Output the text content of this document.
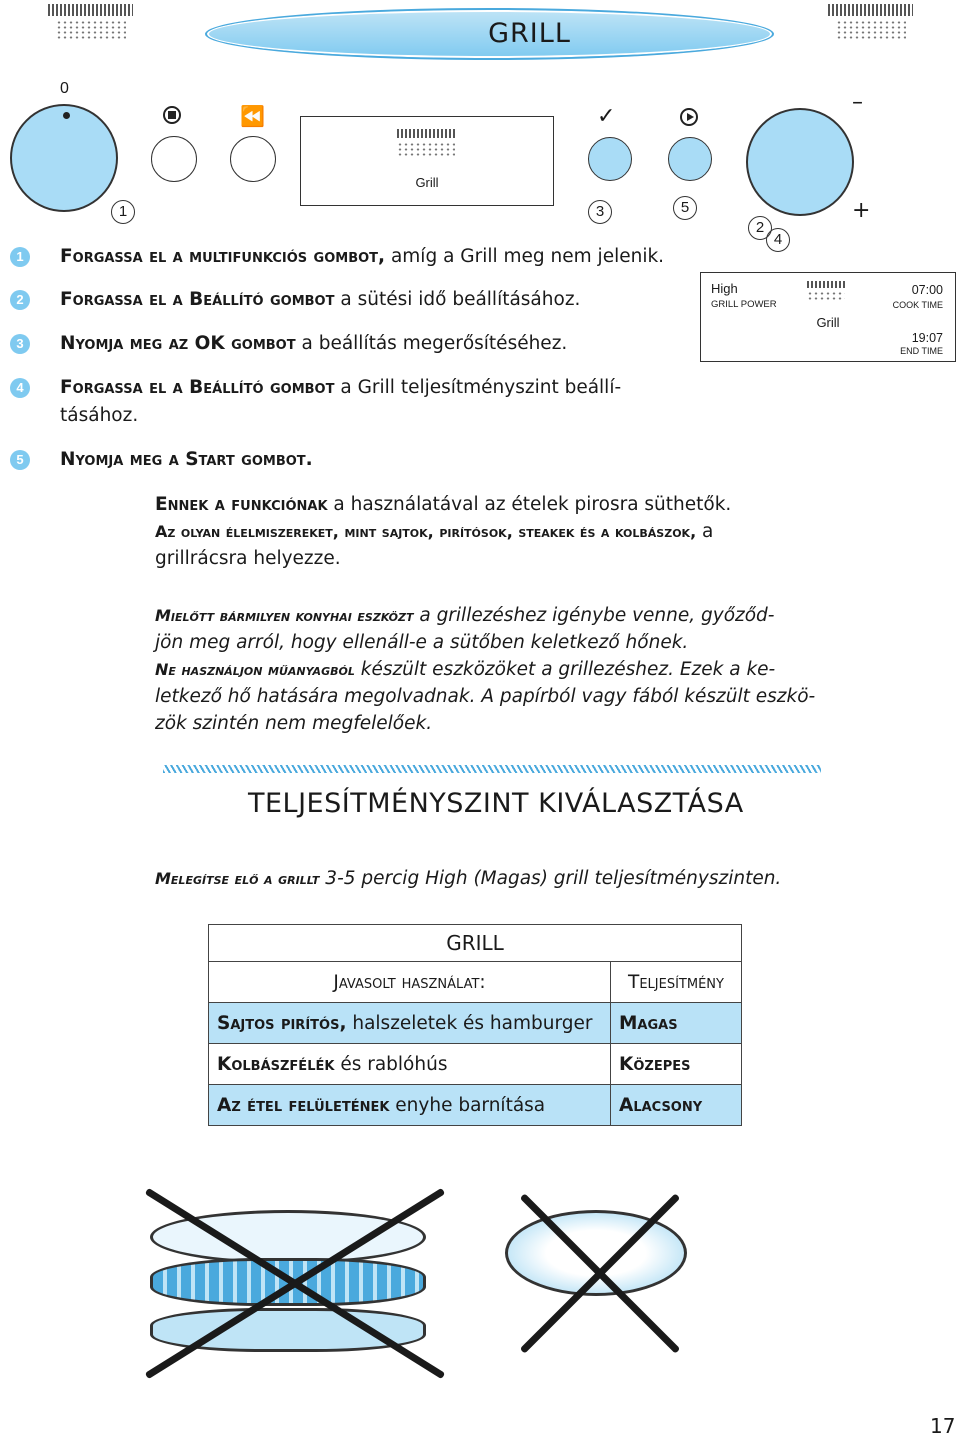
GRILL
0
⏪
Grill
✓
–
+
1	3	5
2
4
High
GRILL POWER
Grill
07:00
COOK TIME
19:07
END TIME
1	Forgassa el a multifunkciós gombot, amíg a Grill meg nem jelenik.
2	Forgassa el a Beállító gombot a sütési idő beállításához.
3	Nyomja meg az OK gombot a beállítás megerősítéséhez.
4	Forgassa el a Beállító gombot a Grill teljesítményszint beállí-
tásához.
5	Nyomja meg a Start gombot.
Ennek a funkciónak a használatával az ételek pirosra süthetők.
Az olyan élelmiszereket, mint sajtok, pirítósok, steakek és a kolbászok, a
grillrácsra helyezze.
Mielőtt bármilyen konyhai eszközt a grillezéshez igénybe venne, győződ-
jön meg arról, hogy ellenáll-e a sütőben keletkező hőnek.
Ne használjon műanyagból készült eszközöket a grillezéshez. Ezek a ke-
letkező hő hatására megolvadnak. A papírból vagy fából készült eszkö-
zök szintén nem megfelelőek.
TELJESÍTMÉNYSZINT KIVÁLASZTÁSA
Melegítse elő a grillt 3-5 percig High (Magas) grill teljesítményszinten.
GRILL	
Javasolt használat:	Teljesítmény
Sajtos pirítós, halszeletek és hamburger	Magas
Kolbászfélék és rablóhús	Közepes
Az étel felületének enyhe barnítása	Alacsony
17
